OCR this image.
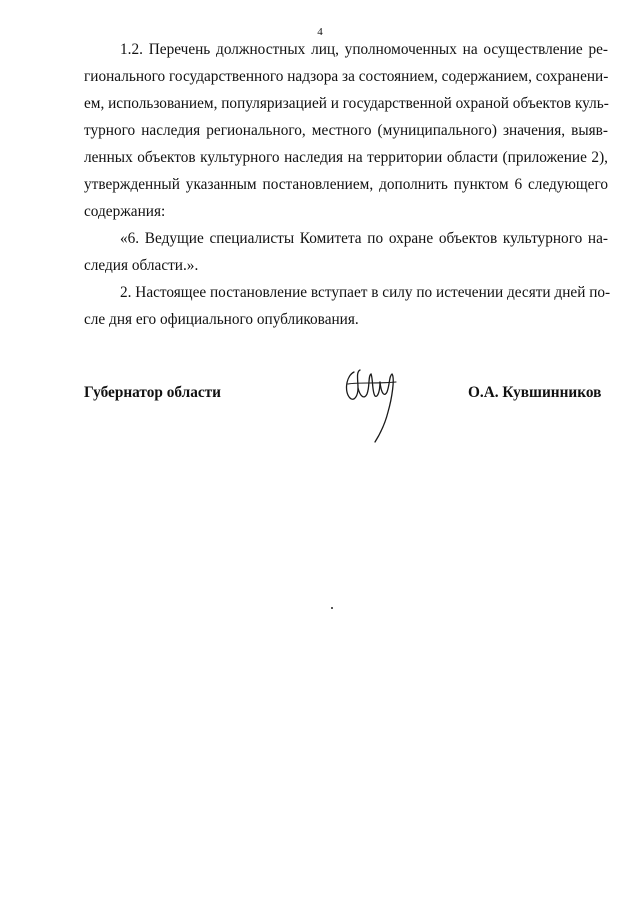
4
1.2. Перечень должностных лиц, уполномоченных на осуществление ре-
гионального государственного надзора за состоянием, содержанием, сохранени-
ем, использованием, популяризацией и государственной охраной объектов куль-
турного наследия регионального, местного (муниципального) значения, выяв-
ленных объектов культурного наследия на территории области (приложение 2),
утвержденный указанным постановлением, дополнить пунктом 6 следующего
содержания:
«6. Ведущие специалисты Комитета по охране объектов культурного на-
следия области.».
2. Настоящее постановление вступает в силу по истечении десяти дней по-
сле дня его официального опубликования.
Губернатор области	О.А. Кувшинников
